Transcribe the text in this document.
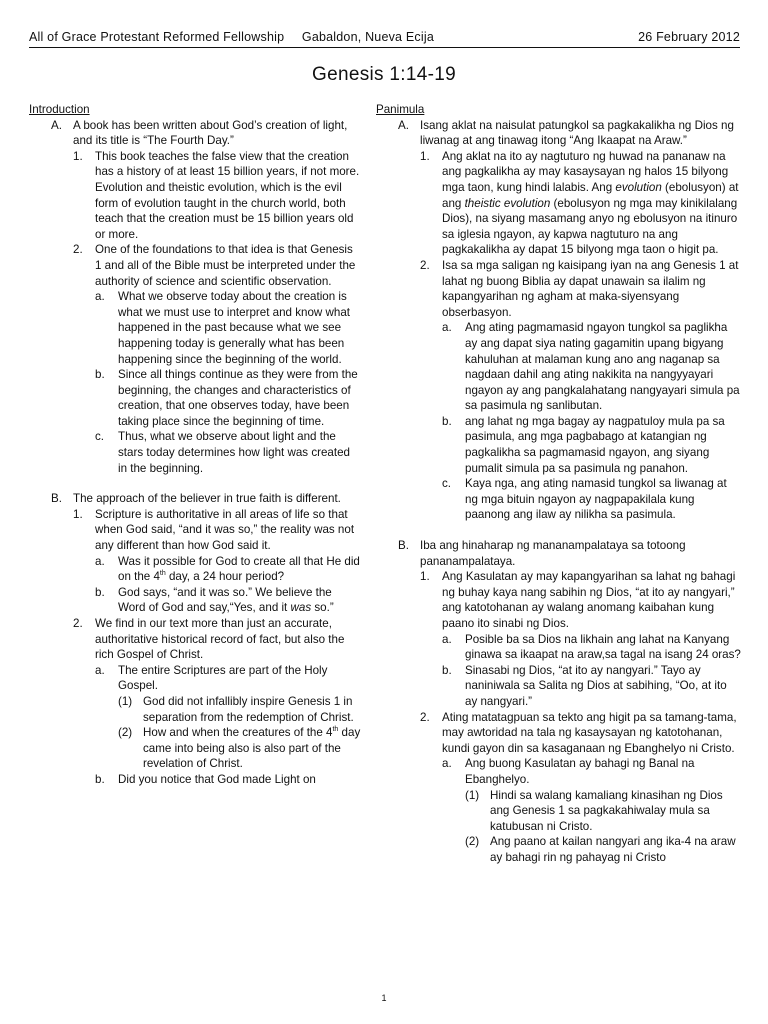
All of Grace Protestant Reformed Fellowship Gabaldon, Nueva Ecija	26 February 2012
Genesis 1:14-19
Introduction
A. A book has been written about God’s creation of light, and its title is “The Fourth Day.”
1. This book teaches the false view that the creation has a history of at least 15 billion years, if not more. Evolution and theistic evolution, which is the evil form of evolution taught in the church world, both teach that the creation must be 15 billion years old or more.
2. One of the foundations to that idea is that Genesis 1 and all of the Bible must be interpreted under the authority of science and scientific observation.
a. What we observe today about the creation is what we must use to interpret and know what happened in the past because what we see happening today is generally what has been happening since the beginning of the world.
b. Since all things continue as they were from the beginning, the changes and characteristics of creation, that one observes today, have been taking place since the beginning of time.
c. Thus, what we observe about light and the stars today determines how light was created in the beginning.
B. The approach of the believer in true faith is different.
1. Scripture is authoritative in all areas of life so that when God said, “and it was so,” the reality was not any different than how God said it.
a. Was it possible for God to create all that He did on the 4th day, a 24 hour period?
b. God says, “and it was so.” We believe the Word of God and say,“Yes, and it was so.”
2. We find in our text more than just an accurate, authoritative historical record of fact, but also the rich Gospel of Christ.
a. The entire Scriptures are part of the Holy Gospel.
(1) God did not infallibly inspire Genesis 1 in separation from the redemption of Christ.
(2) How and when the creatures of the 4th day came into being also is also part of the revelation of Christ.
b. Did you notice that God made Light on
Panimula
A. Isang aklat na naisulat patungkol sa pagkakalikha ng Dios ng liwanag at ang tinawag itong “Ang Ikaapat na Araw.”
1. Ang aklat na ito ay nagtuturo ng huwad na pananaw na ang pagkalikha ay may kasaysayan ng halos 15 bilyong mga taon, kung hindi lalabis. Ang evolution (ebolusyon) at ang theistic evolution (ebolusyon ng mga may kinikilalang Dios), na siyang masamang anyo ng ebolusyon na itinuro sa iglesia ngayon, ay kapwa nagtuturo na ang pagkakalikha ay dapat 15 bilyong mga taon o higit pa.
2. Isa sa mga saligan ng kaisipang iyan na ang Genesis 1 at lahat ng buong Biblia ay dapat unawain sa ilalim ng kapangyarihan ng agham at maka-siyensyang obserbasyon.
a. Ang ating pagmamasid ngayon tungkol sa paglikha ay ang dapat siya nating gagamitin upang bigyang kahuluhan at malaman kung ano ang naganap sa nagdaan dahil ang ating nakikita na nangyyayari ngayon ay ang pangkalahatang nangyayari simula pa sa pasimula ng sanlibutan.
b. ang lahat ng mga bagay ay nagpatuloy mula pa sa pasimula, ang mga pagbabago at katangian ng pagkalikha sa pagmamasid ngayon, ang siyang pumalit simula pa sa pasimula ng panahon.
c. Kaya nga, ang ating namasid tungkol sa liwanag at ng mga bituin ngayon ay nagpapakilala kung paanong ang ilaw ay nilikha sa pasimula.
B. Iba ang hinaharap ng mananampalataya sa totoong pananampalataya.
1. Ang Kasulatan ay may kapangyarihan sa lahat ng bahagi ng buhay kaya nang sabihin ng Dios, “at ito ay nangyari,” ang katotohanan ay walang anomang kaibahan kung paano ito sinabi ng Dios.
a. Posible ba sa Dios na likhain ang lahat na Kanyang ginawa sa ikaapat na araw,sa tagal na isang 24 oras?
b. Sinasabi ng Dios, “at ito ay nangyari.” Tayo ay naniniwala sa Salita ng Dios at sabihing, “Oo, at ito ay nangyari.”
2. Ating matatagpuan sa tekto ang higit pa sa tamang-tama, may awtoridad na tala ng kasaysayan ng katotohanan, kundi gayon din sa kasaganaan ng Ebanghelyo ni Cristo.
a. Ang buong Kasulatan ay bahagi ng Banal na Ebanghelyo.
(1) Hindi sa walang kamaliang kinasihan ng Dios ang Genesis 1 sa pagkakahiwalay mula sa katubusan ni Cristo.
(2) Ang paano at kailan nangyari ang ika-4 na araw ay bahagi rin ng pahayag ni Cristo
1
